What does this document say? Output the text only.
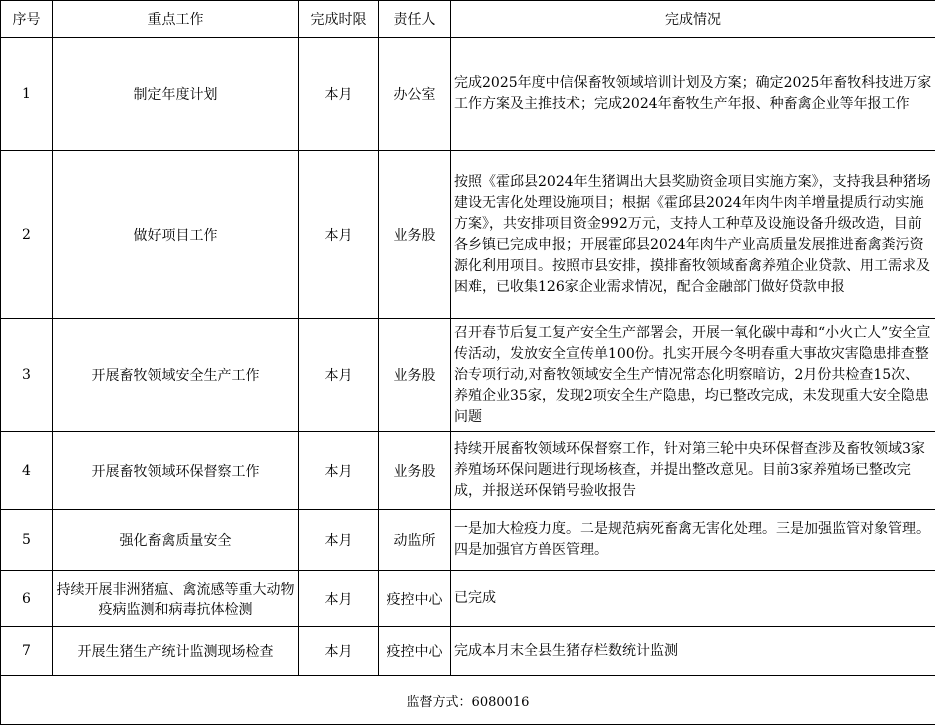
序号	重点工作	完成时限	责任人	完成情况
1	制定年度计划	本月	办公室	完成2025年度中信保畜牧领域培训计划及方案；确定2025年畜牧科技进万家工作方案及主推技术；完成2024年畜牧生产年报、种畜禽企业等年报工作
2	做好项目工作	本月	业务股	按照《霍邱县2024年生猪调出大县奖励资金项目实施方案》，支持我县种猪场建设无害化处理设施项目；根据《霍邱县2024年肉牛肉羊增量提质行动实施方案》，共安排项目资金992万元，支持人工种草及设施设备升级改造，目前各乡镇已完成申报；开展霍邱县2024年肉牛产业高质量发展推进畜禽粪污资源化利用项目。按照市县安排，摸排畜牧领域畜禽养殖企业贷款、用工需求及困难，已收集126家企业需求情况，配合金融部门做好贷款申报
3	开展畜牧领域安全生产工作	本月	业务股	召开春节后复工复产安全生产部署会，开展一氧化碳中毒和“小火亡人”安全宣传活动，发放安全宣传单100份。扎实开展今冬明春重大事故灾害隐患排查整治专项行动,对畜牧领域安全生产情况常态化明察暗访，2月份共检查15次、养殖企业35家，发现2项安全生产隐患，均已整改完成，未发现重大安全隐患问题
4	开展畜牧领域环保督察工作	本月	业务股	持续开展畜牧领域环保督察工作，针对第三轮中央环保督查涉及畜牧领域3家养殖场环保问题进行现场核查，并提出整改意见。目前3家养殖场已整改完成，并报送环保销号验收报告
5	强化畜禽质量安全	本月	动监所	一是加大检疫力度。二是规范病死畜禽无害化处理。三是加强监管对象管理。四是加强官方兽医管理。
6	持续开展非洲猪瘟、禽流感等重大动物疫病监测和病毒抗体检测	本月	疫控中心	已完成
7	开展生猪生产统计监测现场检查	本月	疫控中心	完成本月末全县生猪存栏数统计监测
监督方式：6080016				
